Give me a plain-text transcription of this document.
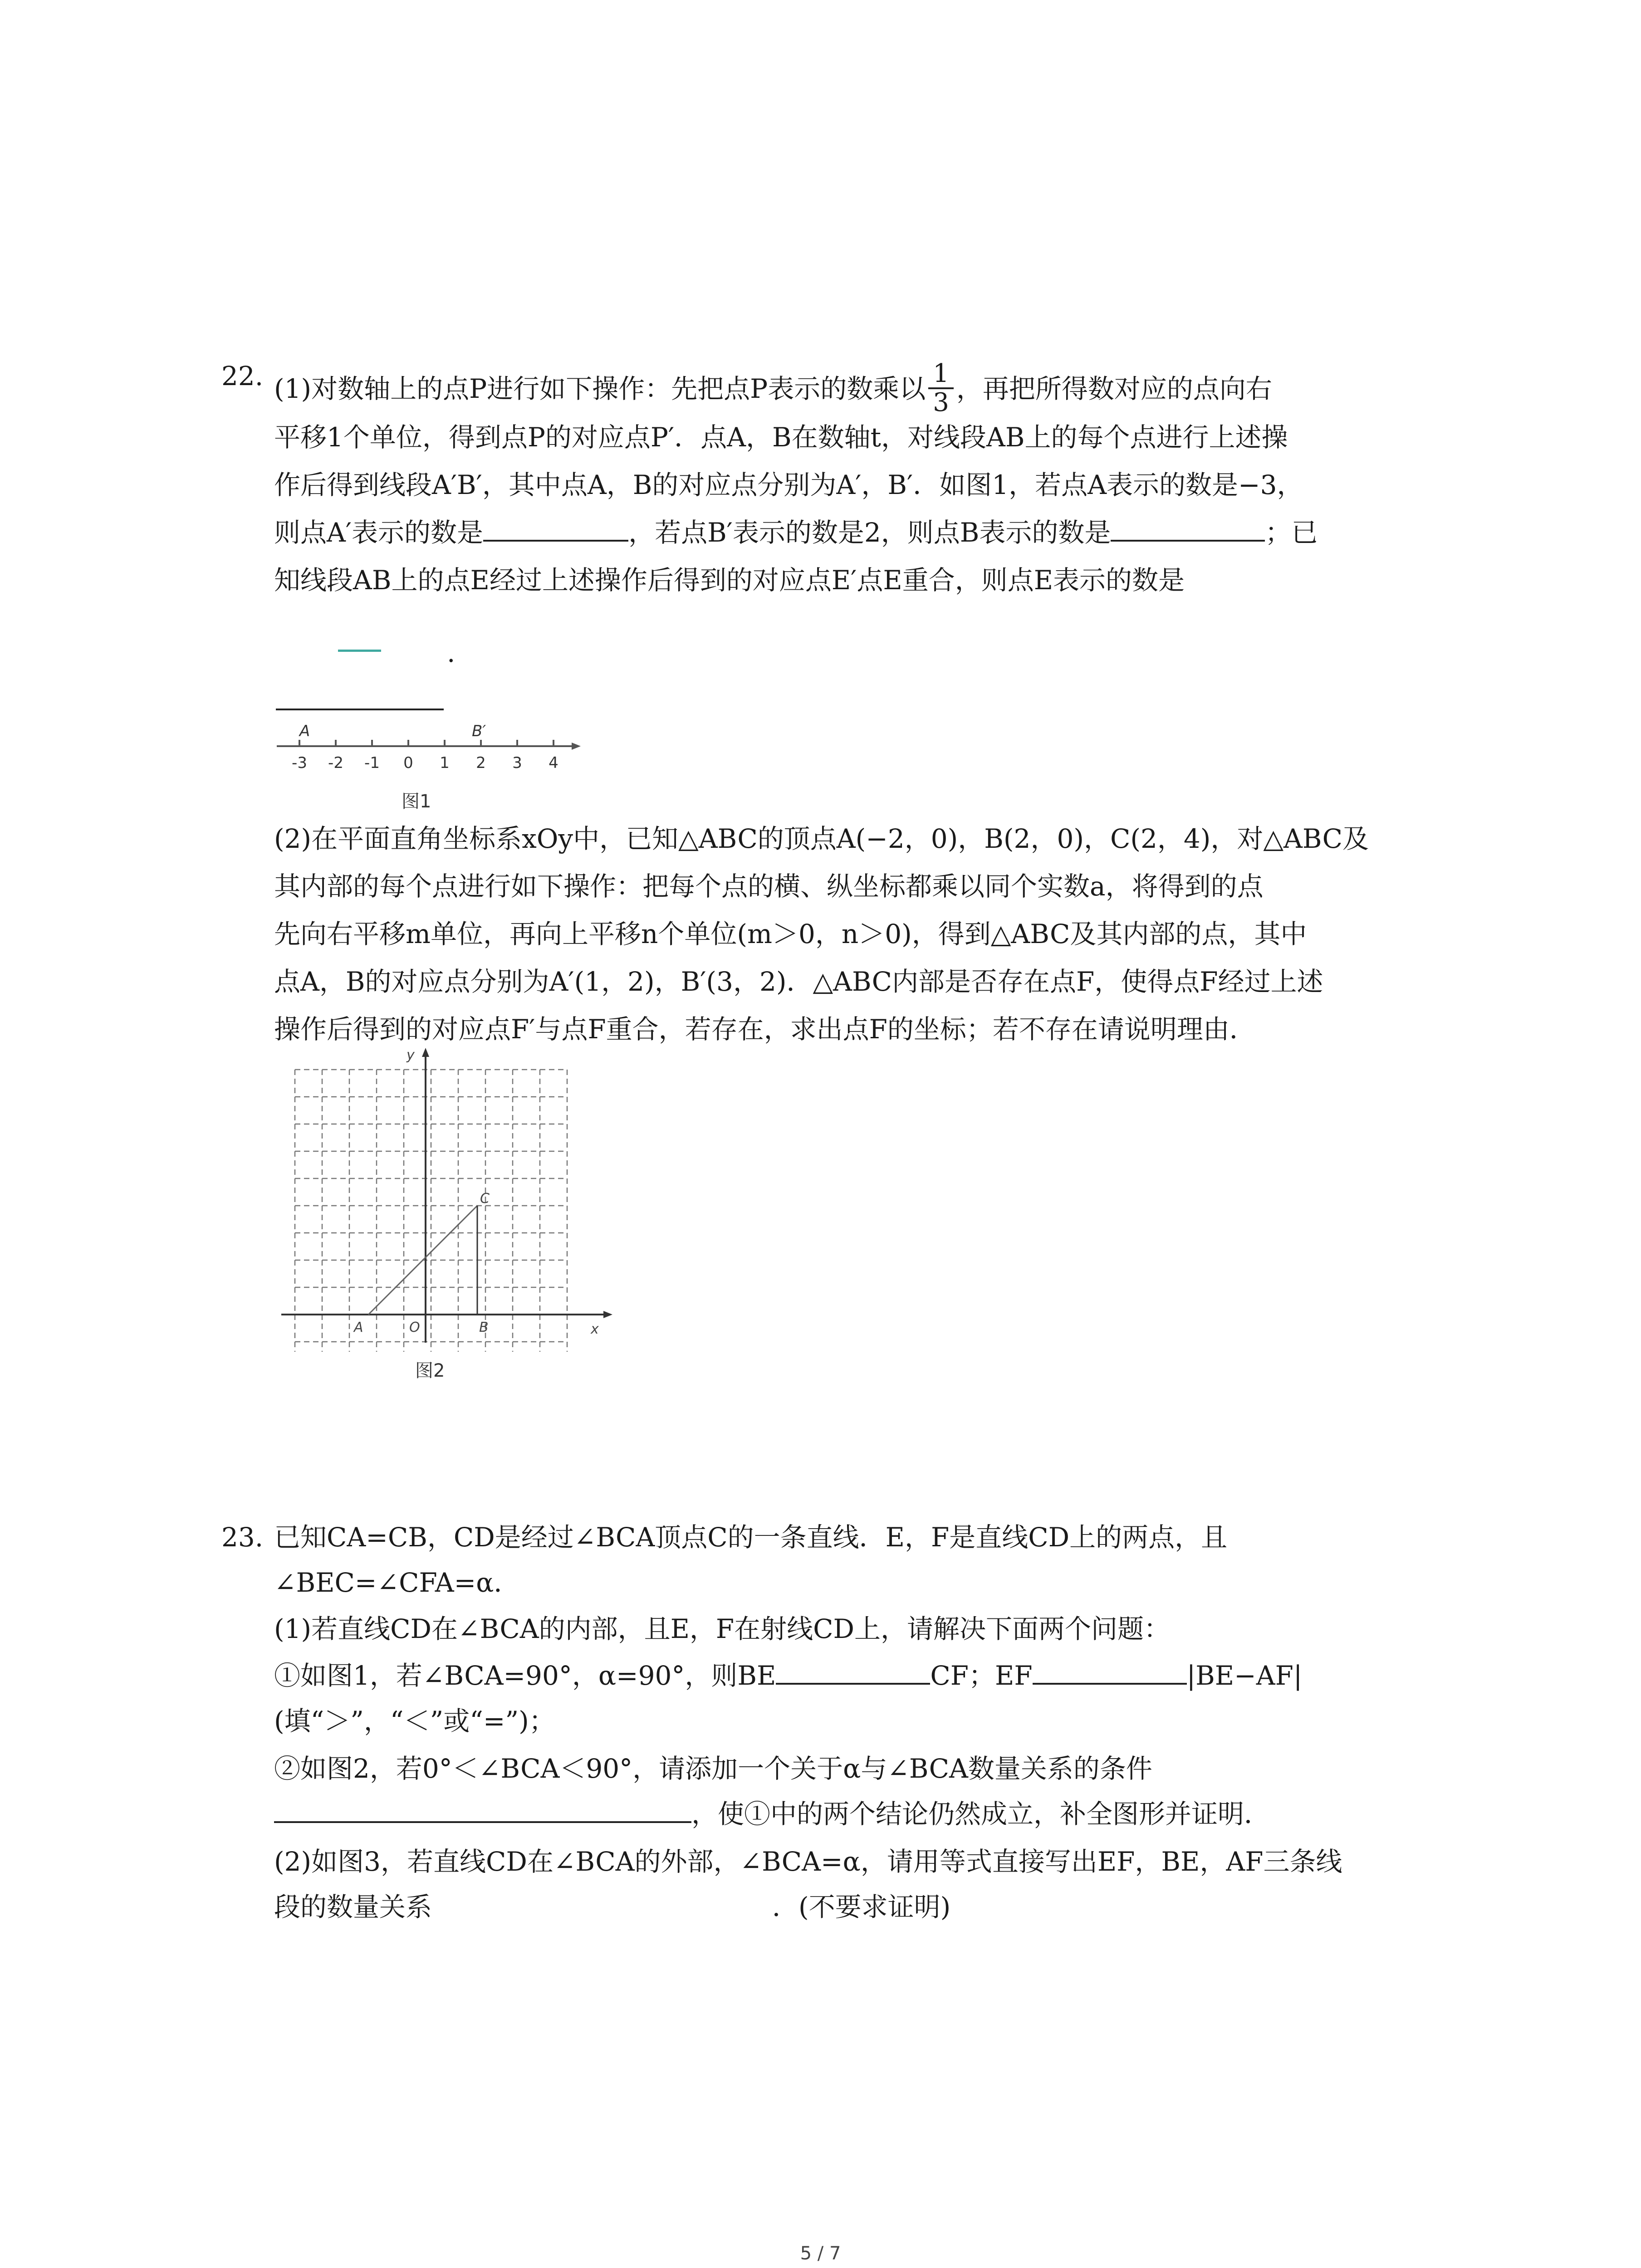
22. (1)对数轴上的点P进行如下操作：先把点P表示的数乘以 $\frac{1}{3}$ ，再把所得数对应的点向右
平移1个单位，得到点P的对应点P′．点A，B在数轴t，对线段AB上的每个点进行上述操
作后得到线段A′B′，其中点A，B的对应点分别为A′，B′．如图1，若点A表示的数是−3，
则点A′表示的数是	，若点B′表示的数是2，则点B表示的数是	；已
知线段AB上的点E经过上述操作后得到的对应点E′点E重合，则点E表示的数是
.
-3 -2 -1 0 1 2 3 4
A	B′
图1
(2)在平面直角坐标系xOy中，已知△ABC的顶点A(−2，0)，B(2，0)，C(2，4)，对△ABC及
其内部的每个点进行如下操作：把每个点的横、纵坐标都乘以同个实数a，将得到的点
先向右平移m单位，再向上平移n个单位(m＞0，n＞0)，得到△ABC及其内部的点，其中
点A，B的对应点分别为A′(1，2)，B′(3，2)．△ABC内部是否存在点F，使得点F经过上述
操作后得到的对应点F′与点F重合，若存在，求出点F的坐标；若不存在请说明理由．
y
x
A	O	B
C
图2
23. 已知CA=CB，CD是经过∠BCA顶点C的一条直线．E，F是直线CD上的两点，且
∠BEC=∠CFA=α．
(1)若直线CD在∠BCA的内部，且E，F在射线CD上，请解决下面两个问题：
①如图1，若∠BCA=90°，α=90°，则BE	CF；EF	|BE−AF|
(填“＞”，“＜”或“=”)；
②如图2，若0°＜∠BCA＜90°，请添加一个关于α与∠BCA数量关系的条件
，使①中的两个结论仍然成立，补全图形并证明．
(2)如图3，若直线CD在∠BCA的外部，∠BCA=α，请用等式直接写出EF，BE，AF三条线
段的数量关系	．(不要求证明)
5 / 7
